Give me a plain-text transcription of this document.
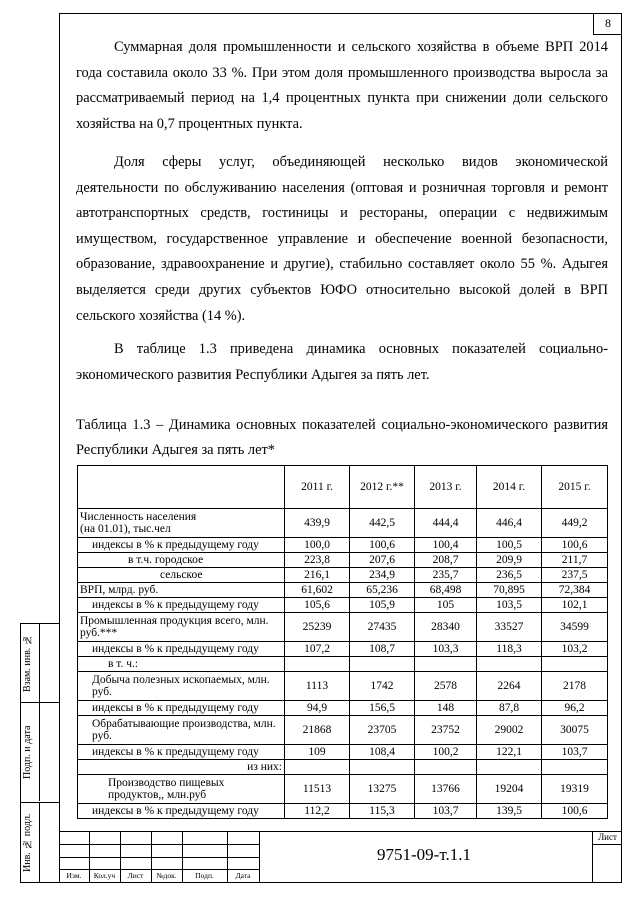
8
Взам. инв. №
Подп. и дата
Инв. № подл.

Суммарная доля промышленности и сельского хозяйства в объеме ВРП 2014 года составила около 33 %. При этом доля промышленного производства выросла за рассматриваемый период на 1,4 процентных пункта при снижении доли сельского хозяйства на 0,7 процентных пункта.

Доля сферы услуг, объединяющей несколько видов экономической деятельности по обслуживанию населения (оптовая и розничная торговля и ремонт автотранспортных средств, гостиницы и рестораны, операции с недвижимым имуществом, государственное управление и обеспечение военной безопасности, образование, здравоохранение и другие), стабильно составляет около 55 %. Адыгея выделяется среди других субъектов ЮФО относительно высокой долей в ВРП сельского хозяйства (14 %).

В таблице 1.3 приведена динамика основных показателей социально-экономического развития Республики Адыгея за пять лет.

Таблица 1.3 – Динамика основных показателей социально-экономического развития Республики Адыгея за пять лет*

	2011 г.	2012 г.**	2013 г.	2014 г.	2015 г.
Численность населения
(на 01.01), тыс.чел	439,9	442,5	444,4	446,4	449,2
индексы в % к предыдущему году	100,0	100,6	100,4	100,5	100,6
в т.ч. городское	223,8	207,6	208,7	209,9	211,7
сельское	216,1	234,9	235,7	236,5	237,5
ВРП, млрд. руб.	61,602	65,236	68,498	70,895	72,384
индексы в % к предыдущему году	105,6	105,9	105	103,5	102,1
Промышленная продукция всего, млн. руб.***	25239	27435	28340	33527	34599
индексы в % к предыдущему году	107,2	108,7	103,3	118,3	103,2
в т. ч.:					
Добыча полезных ископаемых, млн. руб.	1113	1742	2578	2264	2178
индексы в % к предыдущему году	94,9	156,5	148	87,8	96,2
Обрабатывающие производства, млн. руб.	21868	23705	23752	29002	30075
индексы в % к предыдущему году	109	108,4	100,2	122,1	103,7
из них:					
Производство пищевых продуктов,, млн.руб	11513	13275	13766	19204	19319
индексы в % к предыдущему году	112,2	115,3	103,7	139,5	100,6
Изм.	Кол.уч	Лист	№док.	Подп.	Дата
9751-09-т.1.1
Лист
